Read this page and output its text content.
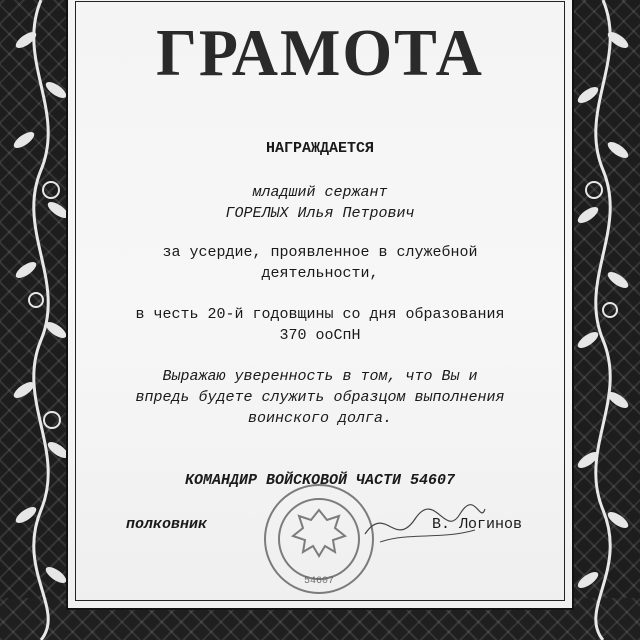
ГРАМОТА
НАГРАЖДАЕТСЯ
младший сержант
ГОРЕЛЫХ Илья Петрович
за усердие, проявленное в служебной
деятельности,
в честь 20-й годовщины со дня образования
370 ооСпН
Выражаю уверенность в том, что Вы и
впредь будете служить образцом выполнения
воинского долга.
КОМАНДИР ВОЙСКОВОЙ ЧАСТИ 54607
полковник	В. Логинов
54607
